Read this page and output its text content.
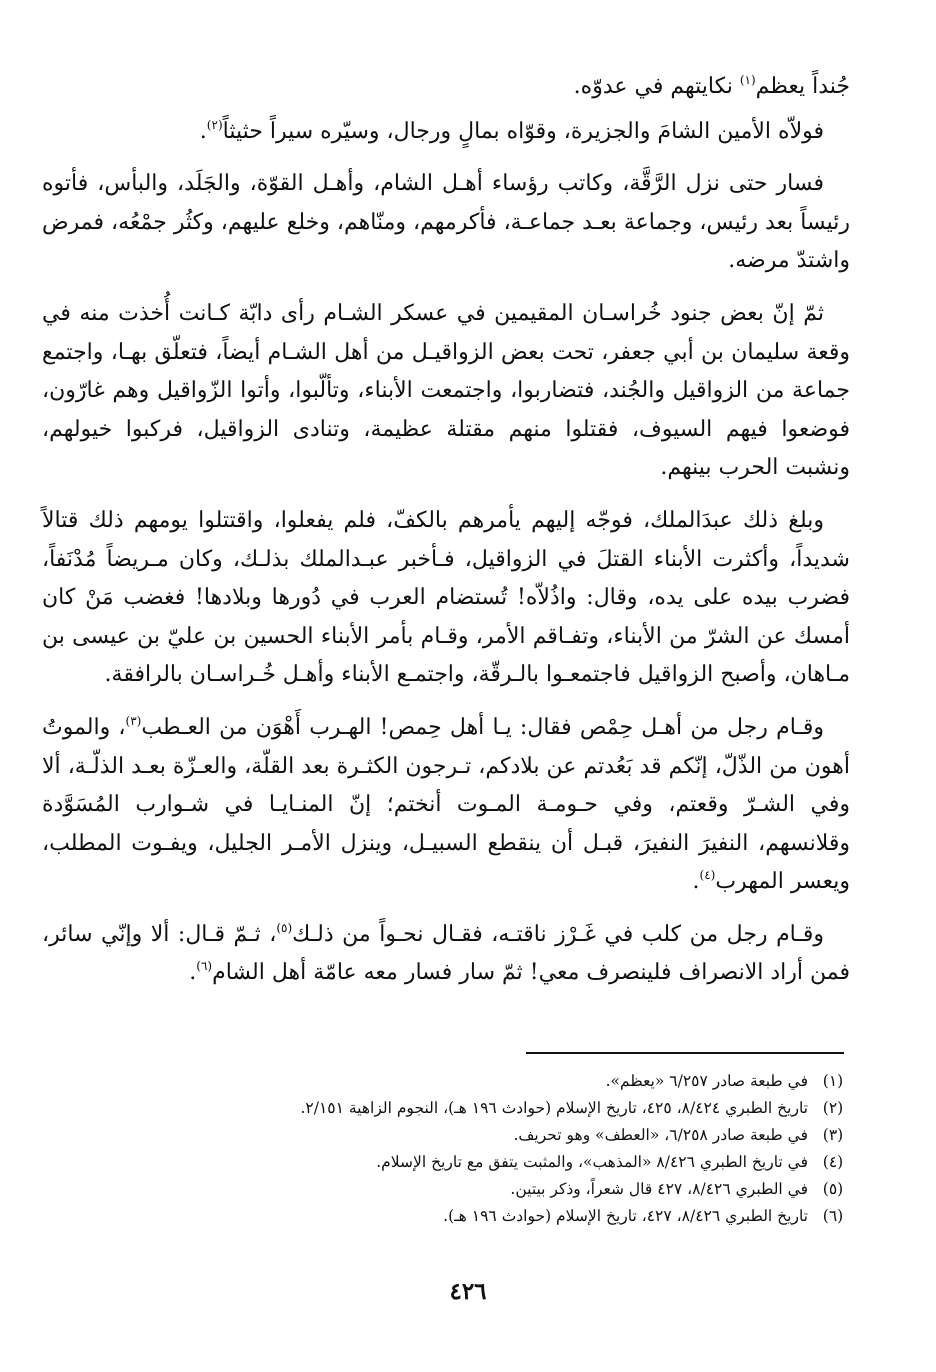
جُنداً يعظم$^{(١)}$ نكايتهم في عدوّه.

فولاّه الأمين الشامَ والجزيرة، وقوّاه بمالٍ ورجال، وسيّره سيراً حثيثاً$^{(٢)}$.

فسار حتى نزل الرَّقَّة، وكاتب رؤساء أهـل الشام، وأهـل القوّة، والجَلَد، والبأس، فأتوه رئيساً بعد رئيس، وجماعة بعـد جماعـة، فأكرمهم، ومنّاهم، وخلع عليهم، وكثُر جمْعُه، فمرض واشتدّ مرضه.

ثمّ إنّ بعض جنود خُراسـان المقيمين في عسكر الشـام رأى دابّة كـانت أُخذت منه في وقعة سليمان بن أبي جعفر، تحت بعض الزواقيـل من أهل الشـام أيضاً، فتعلّق بهـا، واجتمع جماعة من الزواقيل والجُند، فتضاربوا، واجتمعت الأبناء، وتألّبوا، وأتوا الزّواقيل وهم غارّون، فوضعوا فيهم السيوف، فقتلوا منهم مقتلة عظيمة، وتنادى الزواقيل، فركبوا خيولهم، ونشبت الحرب بينهم.

وبلغ ذلك عبدَالملك، فوجّه إليهم يأمرهم بالكفّ، فلم يفعلوا، واقتتلوا يومهم ذلك قتالاً شديداً، وأكثرت الأبناء القتلَ في الزواقيل، فـأخبر عبـدالملك بذلـك، وكان مـريضاً مُدْنَفاً، فضرب بيده على يده، وقال: واذُلاّه! تُستضام العرب في دُورها وبلادها! فغضب مَنْ كان أمسك عن الشرّ من الأبناء، وتفـاقم الأمر، وقـام بأمر الأبناء الحسين بن عليّ بن عيسى بن مـاهان، وأصبح الزواقيل فاجتمعـوا بالـرقّة، واجتمـع الأبناء وأهـل خُـراسـان بالرافقة.

وقـام رجل من أهـل حِمْص فقال: يـا أهل حِمص! الهـرب أَهْوَن من العـطب$^{(٣)}$، والموتُ أهون من الذّلّ، إنّكم قد بَعُدتم عن بلادكم، تـرجون الكثـرة بعد القلّة، والعـزّة بعـد الذلّـة، ألا وفي الشـرّ وقعتم، وفي حـومـة المـوت أنختم؛ إنّ المنـايـا في شـوارب المُسَوَّدة وقلانسهم، النفيرَ النفيرَ، قبـل أن ينقطع السبيـل، وينزل الأمـر الجليل، ويفـوت المطلب، ويعسر المهرب$^{(٤)}$.

وقـام رجل من كلب في غَـرْز ناقتـه، فقـال نحـواً من ذلـك$^{(٥)}$، ثـمّ قـال: ألا وإنّي سائر، فمن أراد الانصراف فلينصرف معي! ثمّ سار فسار معه عامّة أهل الشام$^{(٦)}$.

(١)في طبعة صادر ٦/٢٥٧ «يعظم».
(٢)تاريخ الطبري ٨/٤٢٤، ٤٢٥، تاريخ الإسلام (حوادث ١٩٦ هـ)، النجوم الزاهية ٢/١٥١.
(٣)في طبعة صادر ٦/٢٥٨، «العطف» وهو تحريف.
(٤)في تاريخ الطبري ٨/٤٢٦ «المذهب»، والمثبت يتفق مع تاريخ الإسلام.
(٥)في الطبري ٨/٤٢٦، ٤٢٧ قال شعراً، وذكر بيتين.
(٦)تاريخ الطبري ٨/٤٢٦، ٤٢٧، تاريخ الإسلام (حوادث ١٩٦ هـ).
٤٢٦
